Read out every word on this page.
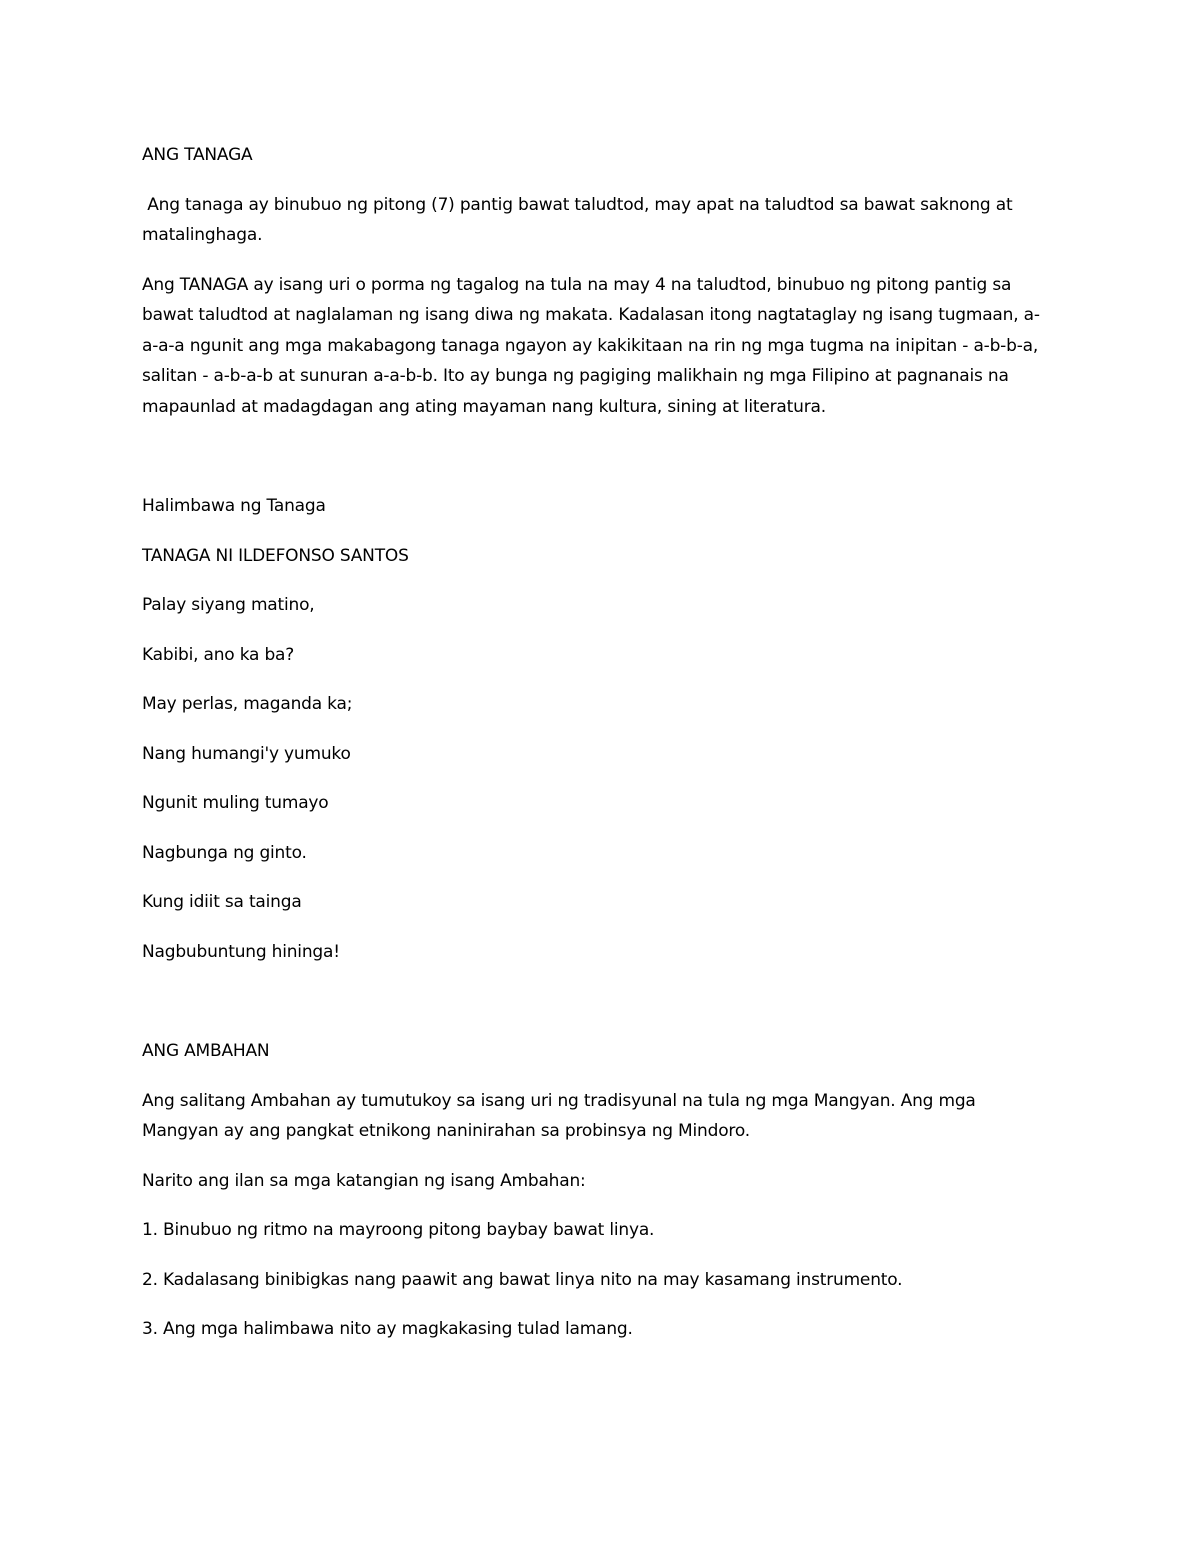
ANG TANAGA

Ang tanaga ay binubuo ng pitong (7) pantig bawat taludtod, may apat na taludtod sa bawat saknong at matalinghaga.

Ang TANAGA ay isang uri o porma ng tagalog na tula na may 4 na taludtod, binubuo ng pitong pantig sa bawat taludtod at naglalaman ng isang diwa ng makata. Kadalasan itong nagtataglay ng isang tugmaan, a-a-a-a ngunit ang mga makabagong tanaga ngayon ay kakikitaan na rin ng mga tugma na inipitan - a-b-b-a, salitan - a-b-a-b at sunuran a-a-b-b. Ito ay bunga ng pagiging malikhain ng mga Filipino at pagnanais na mapaunlad at madagdagan ang ating mayaman nang kultura, sining at literatura.

Halimbawa ng Tanaga

TANAGA NI ILDEFONSO SANTOS

Palay siyang matino,

Kabibi, ano ka ba?

May perlas, maganda ka;

Nang humangi'y yumuko

Ngunit muling tumayo

Nagbunga ng ginto.

Kung idiit sa tainga

Nagbubuntung hininga!

ANG AMBAHAN

Ang salitang Ambahan ay tumutukoy sa isang uri ng tradisyunal na tula ng mga Mangyan. Ang mga Mangyan ay ang pangkat etnikong naninirahan sa probinsya ng Mindoro.

Narito ang ilan sa mga katangian ng isang Ambahan:

1. Binubuo ng ritmo na mayroong pitong baybay bawat linya.

2. Kadalasang binibigkas nang paawit ang bawat linya nito na may kasamang instrumento.

3. Ang mga halimbawa nito ay magkakasing tulad lamang.
